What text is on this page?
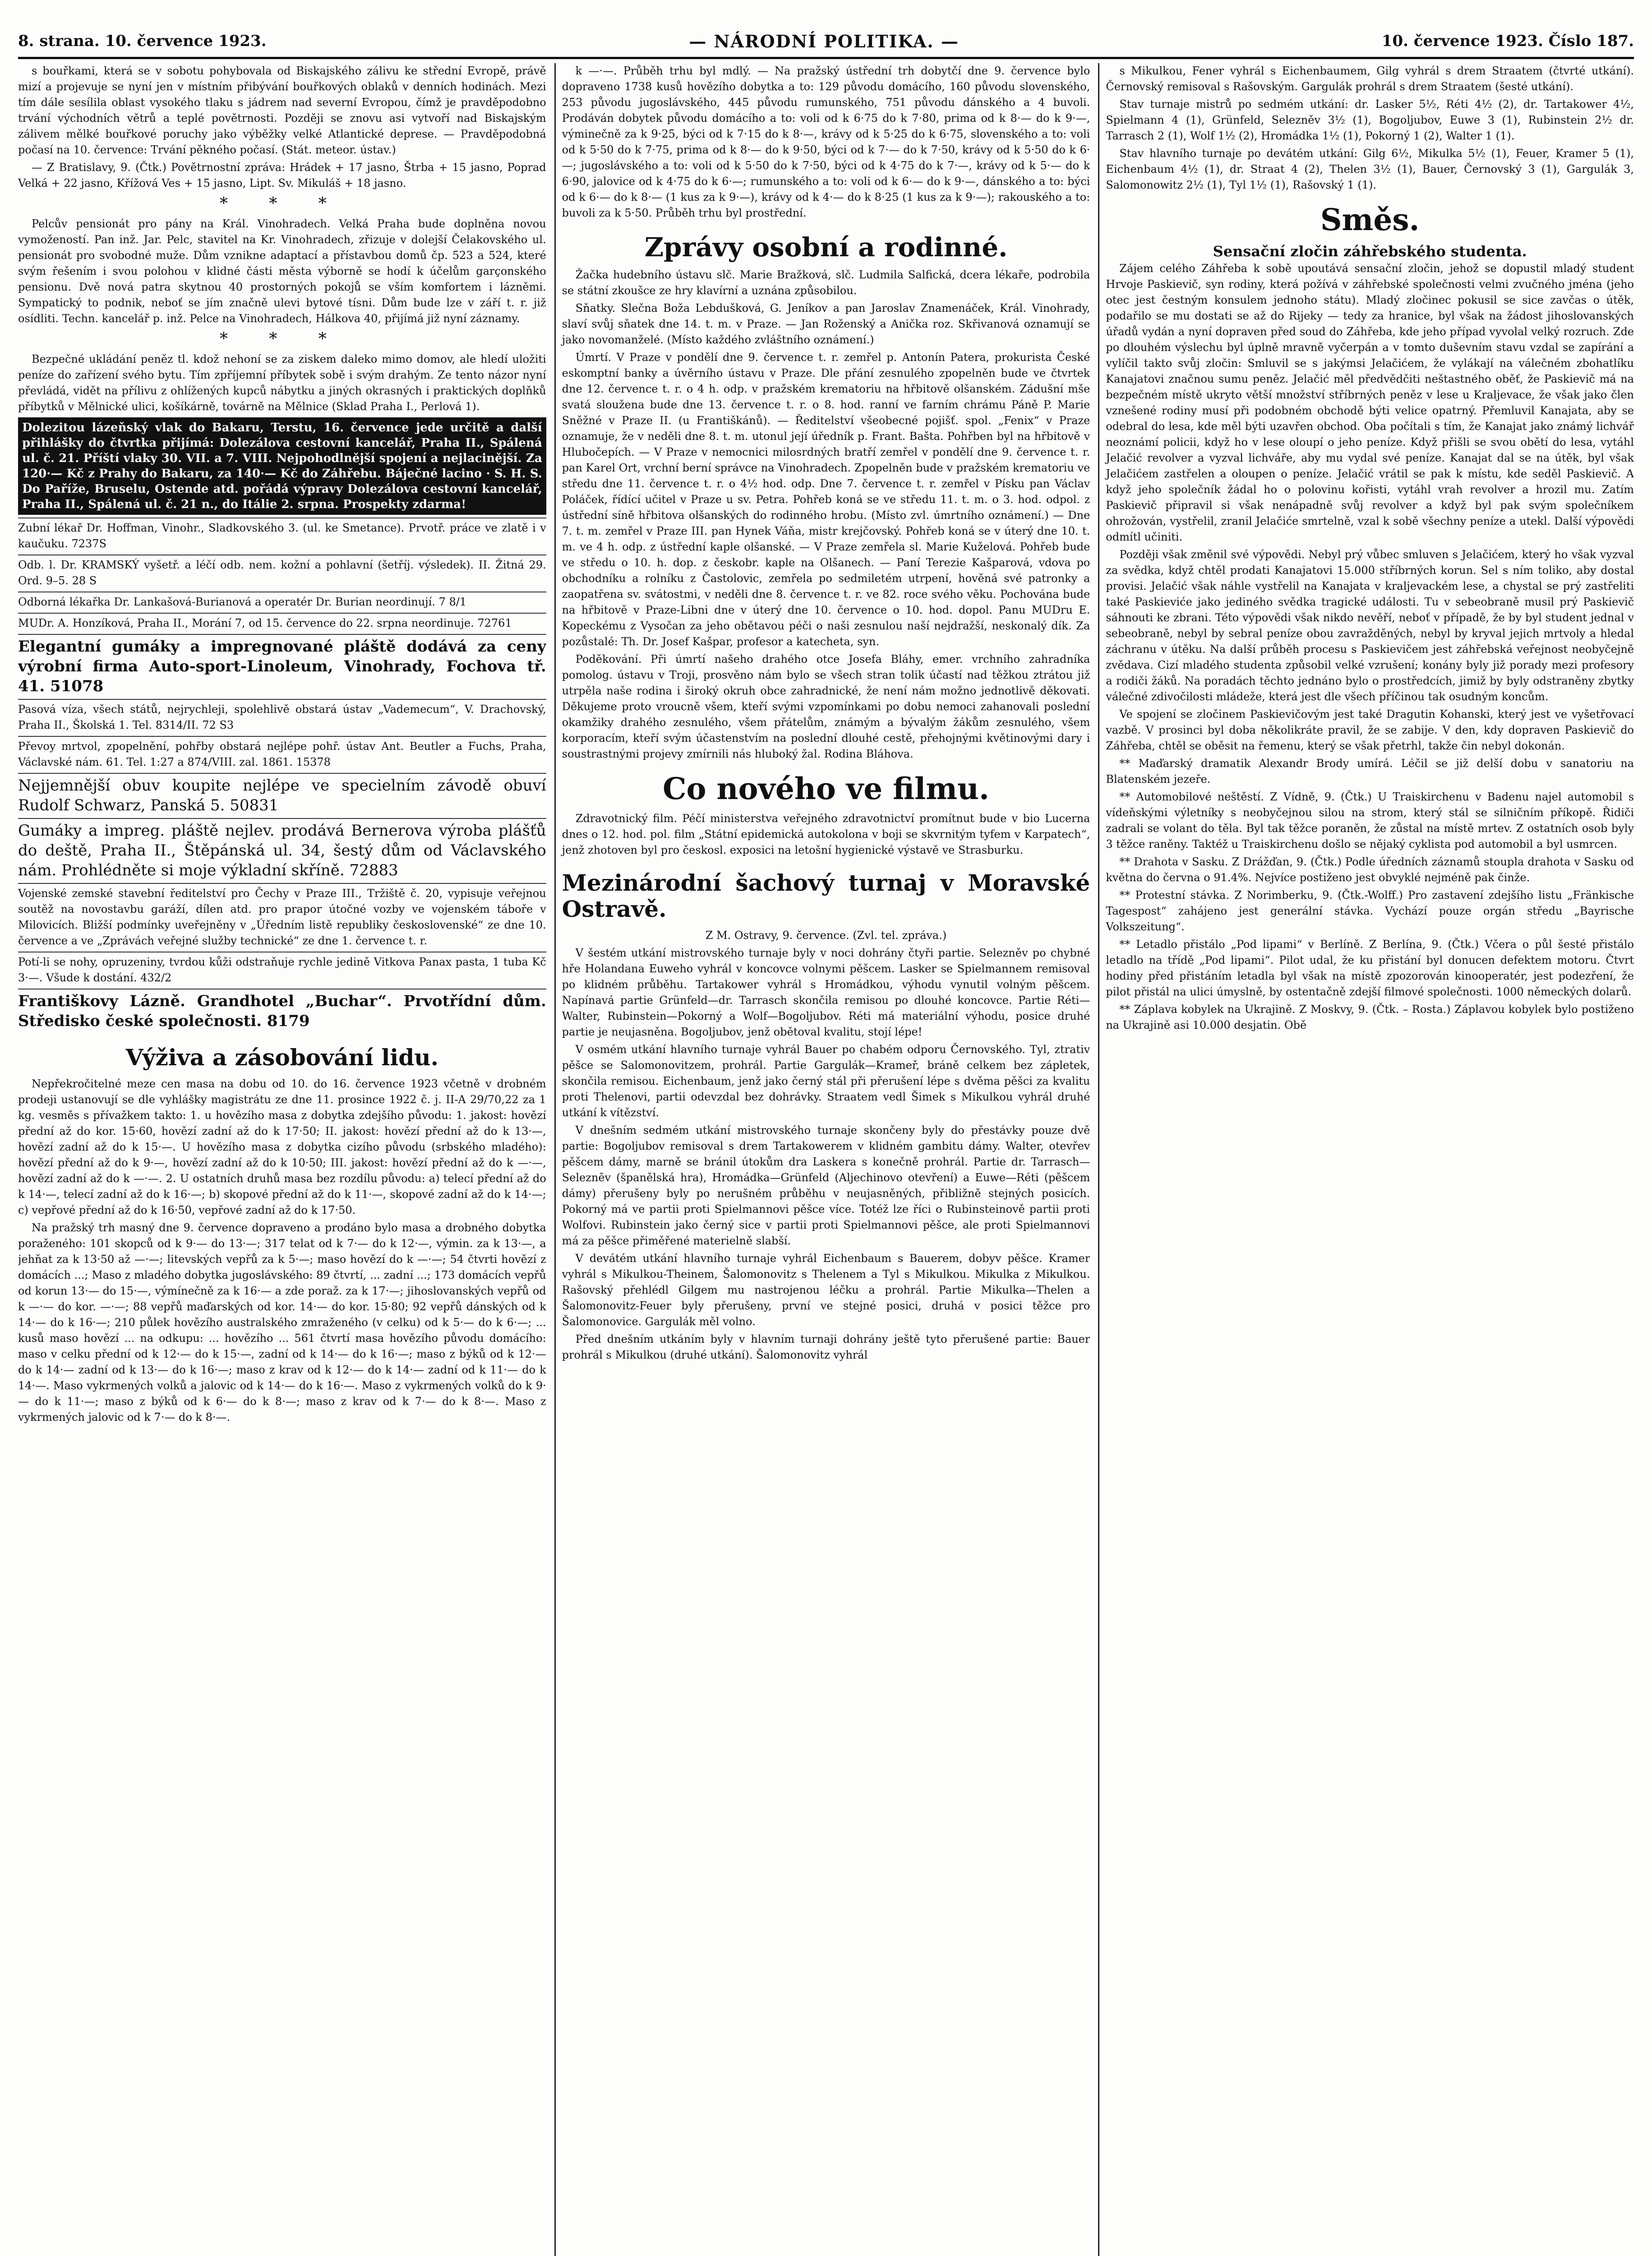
8. strana. 10. července 1923.	— NÁRODNÍ POLITIKA. —	10. července 1923. Číslo 187.

s bouřkami, která se v sobotu pohybovala od Biskajského zálivu ke střední Evropě, právě mizí a projevuje se nyní jen v místním přibývání bouřkových oblaků v denních hodinách. Mezi tím dále sesílila oblast vysokého tlaku s jádrem nad severní Evropou, čímž je pravděpodobno trvání východních větrů a teplé povětrnosti. Později se znovu asi vytvoří nad Biskajským zálivem mělké bouřkové poruchy jako výběžky velké Atlantické deprese. — Pravděpodobná počasí na 10. července: Trvání pěkného počasí. (Stát. meteor. ústav.)

— Z Bratislavy, 9. (Čtk.) Povětrnostní zpráva: Hrádek + 17 jasno, Štrba + 15 jasno, Poprad Velká + 22 jasno, Křížová Ves + 15 jasno, Lipt. Sv. Mikuláš + 18 jasno.

* * *

Pelcův pensionát pro pány na Král. Vinohradech. Velká Praha bude doplněna novou vymožeností. Pan inž. Jar. Pelc, stavitel na Kr. Vinohradech, zřizuje v dolejší Čelakovského ul. pensionát pro svobodné muže. Dům vznikne adaptací a přístavbou domů čp. 523 a 524, které svým řešením i svou polohou v klidné části města výborně se hodí k účelům garçonského pensionu. Dvě nová patra skytnou 40 prostorných pokojů se vším komfortem i lázněmi. Sympatický to podnik, neboť se jím značně ulevi bytové tísni. Dům bude lze v září t. r. již osídliti. Techn. kancelář p. inž. Pelce na Vinohradech, Hálkova 40, přijímá již nyní záznamy.

* * *

Bezpečné ukládání peněz tl. kdož nehoní se za ziskem daleko mimo domov, ale hledí uložiti peníze do zařízení svého bytu. Tím zpříjemní příbytek sobě i svým drahým. Ze tento názor nyní převládá, vidět na přílivu z ohlížených kupců nábytku a jiných okrasných i praktických doplňků příbytků v Mělnické ulici, košíkárně, továrně na Mělnice (Sklad Praha I., Perlová 1).

Dolezitou lázeňský vlak do Bakaru, Terstu, 16. července jede určitě a další přihlášky do čtvrtka přijímá: Dolezálova cestovní kancelář, Praha II., Spálená ul. č. 21. Příští vlaky 30. VII. a 7. VIII. Nejpohodlnější spojení a nejlacinější. Za 120·— Kč z Prahy do Bakaru, za 140·— Kč do Záhřebu. Báječné lacino · S. H. S. Do Paříže, Bruselu, Ostende atd. pořádá výpravy Dolezálova cestovní kancelář, Praha II., Spálená ul. č. 21 n., do Itálie 2. srpna. Prospekty zdarma!
Zubní lékař Dr. Hoffman, Vinohr., Sladkovského 3. (ul. ke Smetance). Prvotř. práce ve zlatě i v kaučuku. 7237S
Odb. l. Dr. KRAMSKÝ vyšetř. a léčí odb. nem. kožní a pohlavní (šetříj. výsledek). II. Žitná 29. Ord. 9–5. 28 S
Odborná lékařka Dr. Lankašová-Burianová a operatér Dr. Burian neordinují. 7 8/1
MUDr. A. Honzíková, Praha II., Morání 7, od 15. července do 22. srpna neordinuje. 72761
Elegantní gumáky a impregnované pláště dodává za ceny výrobní firma Auto-sport-Linoleum, Vinohrady, Fochova tř. 41. 51078
Pasová víza, všech států, nejrychleji, spolehlivě obstará ústav „Vademecum“, V. Drachovský, Praha II., Školská 1. Tel. 8314/II. 72 S3
Převoy mrtvol, zpopelnění, pohřby obstará nejlépe pohř. ústav Ant. Beutler a Fuchs, Praha, Václavské nám. 61. Tel. 1:27 a 874/VIII. zal. 1861. 15378
Nejjemnější obuv koupite nejlépe ve specielním závodě obuví Rudolf Schwarz, Panská 5. 50831
Gumáky a impreg. pláště nejlev. prodává Bernerova výroba plášťů do deště, Praha II., Štěpánská ul. 34, šestý dům od Václavského nám. Prohlédněte si moje výkladní skříně. 72883
Vojenské zemské stavební ředitelství pro Čechy v Praze III., Tržiště č. 20, vypisuje veřejnou soutěž na novostavbu garáží, dílen atd. pro prapor útočné vozby ve vojenském táboře v Milovicích. Bližší podmínky uveřejněny v „Úředním listě republiky československé“ ze dne 10. července a ve „Zprávách veřejné služby technické“ ze dne 1. července t. r.
Potí-li se nohy, opruzeniny, tvrdou kůži odstraňuje rychle jedině Vitkova Panax pasta, 1 tuba Kč 3·—. Všude k dostání. 432/2
Františkovy Lázně. Grandhotel „Buchar“. Prvotřídní dům. Středisko české společnosti. 8179
Výživa a zásobování lidu.

Nepřekročitelné meze cen masa na dobu od 10. do 16. července 1923 včetně v drobném prodeji ustanovují se dle vyhlášky magistrátu ze dne 11. prosince 1922 č. j. II-A 29/70,22 za 1 kg. vesměs s přívažkem takto: 1. u hovězího masa z dobytka zdejšího původu: 1. jakost: hovězí přední až do kor. 15·60, hovězí zadní až do k 17·50; II. jakost: hovězí přední až do k 13·—, hovězí zadní až do k 15·—. U hovězího masa z dobytka cizího původu (srbského mladého): hovězí přední až do k 9·—, hovězí zadní až do k 10·50; III. jakost: hovězí přední až do k —·—, hovězí zadní až do k —·—. 2. U ostatních druhů masa bez rozdílu původu: a) telecí přední až do k 14·—, telecí zadní až do k 16·—; b) skopové přední až do k 11·—, skopové zadní až do k 14·—; c) vepřové přední až do k 16·50, vepřové zadní až do k 17·50.

Na pražský trh masný dne 9. července dopraveno a prodáno bylo masa a drobného dobytka poraženého: 101 skopců od k 9·— do 13·—; 317 telat od k 7·— do k 12·—, výmin. za k 13·—, a jehňat za k 13·50 až —·—; litevských vepřů za k 5·—; maso hovězí do k —·—; 54 čtvrti hovězí z domácích ...; Maso z mladého dobytka jugoslávského: 89 čtvrtí, ... zadní ...; 173 domácích vepřů od korun 13·— do 15·—, výmínečně za k 16·— a zde poraž. za k 17·—; jihoslovanských vepřů od k —·— do kor. —·—; 88 vepřů maďarských od kor. 14·— do kor. 15·80; 92 vepřů dánských od k 14·— do k 16·—; 210 půlek hovězího australského zmraženého (v celku) od k 5·— do k 6·—; ... kusů maso hovězí ... na odkupu: ... hovězího ... 561 čtvrtí masa hovězího původu domácího: maso v celku přední od k 12·— do k 15·—, zadní od k 14·— do k 16·—; maso z býků od k 12·— do k 14·— zadní od k 13·— do k 16·—; maso z krav od k 12·— do k 14·— zadní od k 11·— do k 14·—. Maso vykrmených volků a jalovic od k 14·— do k 16·—. Maso z vykrmených volků do k 9·— do k 11·—; maso z býků od k 6·— do k 8·—; maso z krav od k 7·— do k 8·—. Maso z vykrmených jalovic od k 7·— do k 8·—.

k —·—. Průběh trhu byl mdlý. — Na pražský ústřední trh dobytčí dne 9. července bylo dopraveno 1738 kusů hovězího dobytka a to: 129 původu domácího, 160 původu slovenského, 253 původu jugoslávského, 445 původu rumunského, 751 původu dánského a 4 buvoli. Prodáván dobytek původu domácího a to: voli od k 6·75 do k 7·80, prima od k 8·— do k 9·—, výminečně za k 9·25, býci od k 7·15 do k 8·—, krávy od k 5·25 do k 6·75, slovenského a to: voli od k 5·50 do k 7·75, prima od k 8·— do k 9·50, býci od k 7·— do k 7·50, krávy od k 5·50 do k 6·—; jugoslávského a to: voli od k 5·50 do k 7·50, býci od k 4·75 do k 7·—, krávy od k 5·— do k 6·90, jalovice od k 4·75 do k 6·—; rumunského a to: voli od k 6·— do k 9·—, dánského a to: býci od k 6·— do k 8·— (1 kus za k 9·—), krávy od k 4·— do k 8·25 (1 kus za k 9·—); rakouského a to: buvoli za k 5·50. Průběh trhu byl prostřední.

Zprávy osobní a rodinné.

Žačka hudebního ústavu slč. Marie Bražková, slč. Ludmila Salfická, dcera lékaře, podrobila se státní zkoušce ze hry klavírní a uznána způsobilou.

Sňatky. Slečna Boža Lebdušková, G. Jeníkov a pan Jaroslav Znamenáček, Král. Vinohrady, slaví svůj sňatek dne 14. t. m. v Praze. — Jan Roženský a Anička roz. Skřivanová oznamují se jako novomanželé. (Místo každého zvláštního oznámení.)

Úmrtí. V Praze v pondělí dne 9. července t. r. zemřel p. Antonín Patera, prokurista České eskomptní banky a úvěrního ústavu v Praze. Dle přání zesnulého zpopelněn bude ve čtvrtek dne 12. července t. r. o 4 h. odp. v pražském krematoriu na hřbitově olšanském. Zádušní mše svatá sloužena bude dne 13. července t. r. o 8. hod. ranní ve farním chrámu Páně P. Marie Sněžné v Praze II. (u Františkánů). — Ředitelství všeobecné pojišť. spol. „Fenix“ v Praze oznamuje, že v neděli dne 8. t. m. utonul její úředník p. Frant. Bašta. Pohřben byl na hřbitově v Hlubočepích. — V Praze v nemocnici milosrdných bratří zemřel v pondělí dne 9. července t. r. pan Karel Ort, vrchní berní správce na Vinohradech. Zpopelněn bude v pražském krematoriu ve středu dne 11. července t. r. o 4½ hod. odp. Dne 7. července t. r. zemřel v Písku pan Václav Poláček, řídící učitel v Praze u sv. Petra. Pohřeb koná se ve středu 11. t. m. o 3. hod. odpol. z ústřední síně hřbitova olšanských do rodinného hrobu. (Místo zvl. úmrtního oznámení.) — Dne 7. t. m. zemřel v Praze III. pan Hynek Váňa, mistr krejčovský. Pohřeb koná se v úterý dne 10. t. m. ve 4 h. odp. z ústřední kaple olšanské. — V Praze zemřela sl. Marie Kuželová. Pohřeb bude ve středu o 10. h. dop. z českobr. kaple na Olšanech. — Paní Terezie Kašparová, vdova po obchodníku a rolníku z Častolovic, zemřela po sedmiletém utrpení, hověná své patronky a zaopatřena sv. svátostmi, v neděli dne 8. července t. r. ve 82. roce svého věku. Pochována bude na hřbitově v Praze-Libni dne v úterý dne 10. července o 10. hod. dopol. Panu MUDru E. Kopeckému z Vysočan za jeho obětavou péči o naši zesnulou naší nejdražší, neskonalý dík. Za pozůstalé: Th. Dr. Josef Kašpar, profesor a katecheta, syn.

Poděkování. Při úmrtí našeho drahého otce Josefa Bláhy, emer. vrchního zahradníka pomolog. ústavu v Troji, prosvěno nám bylo se všech stran tolik účastí nad těžkou ztrátou již utrpěla naše rodina i široký okruh obce zahradnické, že není nám možno jednotlivě děkovati. Děkujeme proto vroucně všem, kteří svými vzpomínkami po dobu nemoci zahanovali poslední okamžiky drahého zesnulého, všem přátelům, známým a bývalým žákům zesnulého, všem korporacím, kteří svým účastenstvím na poslední dlouhé cestě, přehojnými květinovými dary i soustrastnými projevy zmírnili nás hluboký žal. Rodina Bláhova.

Co nového ve filmu.

Zdravotnický film. Péčí ministerstva veřejného zdravotnictví promítnut bude v bio Lucerna dnes o 12. hod. pol. film „Státní epidemická autokolona v boji se skvrnitým tyfem v Karpatech“, jenž zhotoven byl pro českosl. exposici na letošní hygienické výstavě ve Strasburku.

Mezinárodní šachový turnaj v Moravské Ostravě.

Z M. Ostravy, 9. července. (Zvl. tel. zpráva.)

V šestém utkání mistrovského turnaje byly v noci dohrány čtyři partie. Selezněv po chybné hře Holandana Euweho vyhrál v koncovce volnymi pěšcem. Lasker se Spielmannem remisoval po klidném průběhu. Tartakower vyhrál s Hromádkou, výhodu vynutil volným pěšcem. Napínavá partie Grünfeld—dr. Tarrasch skončila remisou po dlouhé koncovce. Partie Réti—Walter, Rubinstein—Pokorný a Wolf—Bogoljubov. Réti má materiální výhodu, posice druhé partie je neujasněna. Bogoljubov, jenž obětoval kvalitu, stojí lépe!

V osmém utkání hlavního turnaje vyhrál Bauer po chabém odporu Černovského. Tyl, ztrativ pěšce se Salomonovitzem, prohrál. Partie Gargulák—Krameř, bráně celkem bez zápletek, skončila remisou. Eichenbaum, jenž jako černý stál při přerušení lépe s dvěma pěšci za kvalitu proti Thelenovi, partii odevzdal bez dohrávky. Straatem vedl Šimek s Mikulkou vyhrál druhé utkání k vítězství.

V dnešním sedmém utkání mistrovského turnaje skončeny byly do přestávky pouze dvě partie: Bogoljubov remisoval s drem Tartakowerem v klidném gambitu dámy. Walter, otevřev pěšcem dámy, marně se bránil útokům dra Laskera s konečně prohrál. Partie dr. Tarrasch—Selezněv (španělská hra), Hromádka—Grünfeld (Aljechinovo otevření) a Euwe—Réti (pěšcem dámy) přerušeny byly po nerušném průběhu v neujasněných, přibližně stejných posicích. Pokorný má ve partii proti Spielmannovi pěšce více. Totéž lze říci o Rubinsteinově partii proti Wolfovi. Rubinstein jako černý sice v partii proti Spielmannovi pěšce, ale proti Spielmannovi má za pěšce přiměřené materielně slabší.

V devátém utkání hlavního turnaje vyhrál Eichenbaum s Bauerem, dobyv pěšce. Kramer vyhrál s Mikulkou-Theinem, Šalomonovitz s Thelenem a Tyl s Mikulkou. Mikulka z Mikulkou. Rašovský přehlédl Gilgem mu nastrojenou léčku a prohrál. Partie Mikulka—Thelen a Šalomonovitz-Feuer byly přerušeny, první ve stejné posici, druhá v posici těžce pro Šalomonovice. Gargulák měl volno.

Před dnešním utkáním byly v hlavním turnaji dohrány ještě tyto přerušené partie: Bauer prohrál s Mikulkou (druhé utkání). Šalomonovitz vyhrál

s Mikulkou, Fener vyhrál s Eichenbaumem, Gilg vyhrál s drem Straatem (čtvrté utkání). Černovský remisoval s Rašovským. Gargulák prohrál s drem Straatem (šesté utkání).

Stav turnaje mistrů po sedmém utkání: dr. Lasker 5½, Réti 4½ (2), dr. Tartakower 4½, Spielmann 4 (1), Grünfeld, Selezněv 3½ (1), Bogoljubov, Euwe 3 (1), Rubinstein 2½ dr. Tarrasch 2 (1), Wolf 1½ (2), Hromádka 1½ (1), Pokorný 1 (2), Walter 1 (1).

Stav hlavního turnaje po devátém utkání: Gilg 6½, Mikulka 5½ (1), Feuer, Kramer 5 (1), Eichenbaum 4½ (1), dr. Straat 4 (2), Thelen 3½ (1), Bauer, Černovský 3 (1), Gargulák 3, Salomonowitz 2½ (1), Tyl 1½ (1), Rašovský 1 (1).

Směs.
Sensační zločin záhřebského studenta.

Zájem celého Záhřeba k sobě upoutává sensační zločin, jehož se dopustil mladý student Hrvoje Paskievič, syn rodiny, která požívá v záhřebské společnosti velmi zvučného jména (jeho otec jest čestným konsulem jednoho státu). Mladý zločinec pokusil se sice zavčas o útěk, podařilo se mu dostati se až do Rijeky — tedy za hranice, byl však na žádost jihoslovanských úřadů vydán a nyní dopraven před soud do Záhřeba, kde jeho případ vyvolal velký rozruch. Zde po dlouhém výslechu byl úplně mravně vyčerpán a v tomto duševním stavu vzdal se zapírání a vylíčil takto svůj zločin: Smluvil se s jakýmsi Jelačićem, že vylákají na válečném zbohatlíku Kanajatovi značnou sumu peněz. Jelačić měl předvědčiti neštastného oběť, že Paskievič má na bezpečném místě ukryto větší množství stříbrných peněz v lese u Kraljevace, že však jako člen vznešené rodiny musí při podobném obchodě býti velice opatrný. Přemluvil Kanajata, aby se odebral do lesa, kde měl býti uzavřen obchod. Oba počítali s tím, že Kanajat jako známý lichvář neoznámí policii, když ho v lese oloupí o jeho peníze. Když přišli se svou obětí do lesa, vytáhl Jelačić revolver a vyzval lichváře, aby mu vydal své peníze. Kanajat dal se na útěk, byl však Jelačićem zastřelen a oloupen o peníze. Jelačić vrátil se pak k místu, kde seděl Paskievič. A když jeho společník žádal ho o polovinu kořisti, vytáhl vrah revolver a hrozil mu. Zatím Paskievič připravil si však nenápadně svůj revolver a když byl pak svým společníkem ohrožován, vystřelil, zranil Jelačiće smrtelně, vzal k sobě všechny peníze a utekl. Další výpovědi odmítl učiniti.

Později však změnil své výpovědi. Nebyl prý vůbec smluven s Jelačićem, který ho však vyzval za svědka, když chtěl prodati Kanajatovi 15.000 stříbrných korun. Sel s ním toliko, aby dostal provisi. Jelačić však náhle vystřelil na Kanajata v kraljevackém lese, a chystal se prý zastřeliti také Paskieviće jako jediného svědka tragické události. Tu v sebeobraně musil prý Paskievič sáhnouti ke zbrani. Této výpovědi však nikdo nevěří, neboť v případě, že by byl student jednal v sebeobraně, nebyl by sebral peníze obou zavražděných, nebyl by kryval jejich mrtvoly a hledal záchranu v útěku. Na další průběh procesu s Paskievičem jest záhřebská veřejnost neobyčejně zvědava. Cizí mladého studenta způsobil velké vzrušení; konány byly již porady mezi profesory a rodiči žáků. Na poradách těchto jednáno bylo o prostředcích, jimiž by byly odstraněny zbytky válečné zdivočilosti mládeže, která jest dle všech příčinou tak osudným koncům.

Ve spojení se zločinem Paskievičovým jest také Dragutin Kohanski, který jest ve vyšetřovací vazbě. V prosinci byl doba několikráte pravil, že se zabije. V den, kdy dopraven Paskievič do Záhřeba, chtěl se oběsit na řemenu, který se však přetrhl, takže čin nebyl dokonán.

** Maďarský dramatik Alexandr Brody umírá. Léčil se již delší dobu v sanatoriu na Blatenském jezeře.

** Automobilové neštěstí. Z Vídně, 9. (Čtk.) U Traiskirchenu v Badenu najel automobil s vídeňskými výletníky s neobyčejnou silou na strom, který stál se silničním příkopě. Řidiči zadrali se volant do těla. Byl tak těžce poraněn, že zůstal na místě mrtev. Z ostatních osob byly 3 těžce raněny. Taktéž u Traiskirchenu došlo se nějaký cyklista pod automobil a byl usmrcen.

** Drahota v Sasku. Z Drážďan, 9. (Čtk.) Podle úředních záznamů stoupla drahota v Sasku od května do června o 91.4%. Nejvíce postiženo jest obvyklé nejméně pak činže.

** Protestní stávka. Z Norimberku, 9. (Čtk.-Wolff.) Pro zastavení zdejšího listu „Fränkische Tagespost“ zahájeno jest generální stávka. Vychází pouze orgán středu „Bayrische Volkszeitung“.

** Letadlo přistálo „Pod lipami“ v Berlíně. Z Berlína, 9. (Čtk.) Včera o půl šesté přistálo letadlo na třídě „Pod lipami“. Pilot udal, že ku přistání byl donucen defektem motoru. Čtvrt hodiny před přistáním letadla byl však na místě zpozorován kinooperatér, jest podezření, že pilot přistál na ulici úmyslně, by ostentačně zdejší filmové společnosti. 1000 německých dolarů.

** Záplava kobylek na Ukrajině. Z Moskvy, 9. (Čtk. – Rosta.) Záplavou kobylek bylo postiženo na Ukrajině asi 10.000 desjatin. Obě
